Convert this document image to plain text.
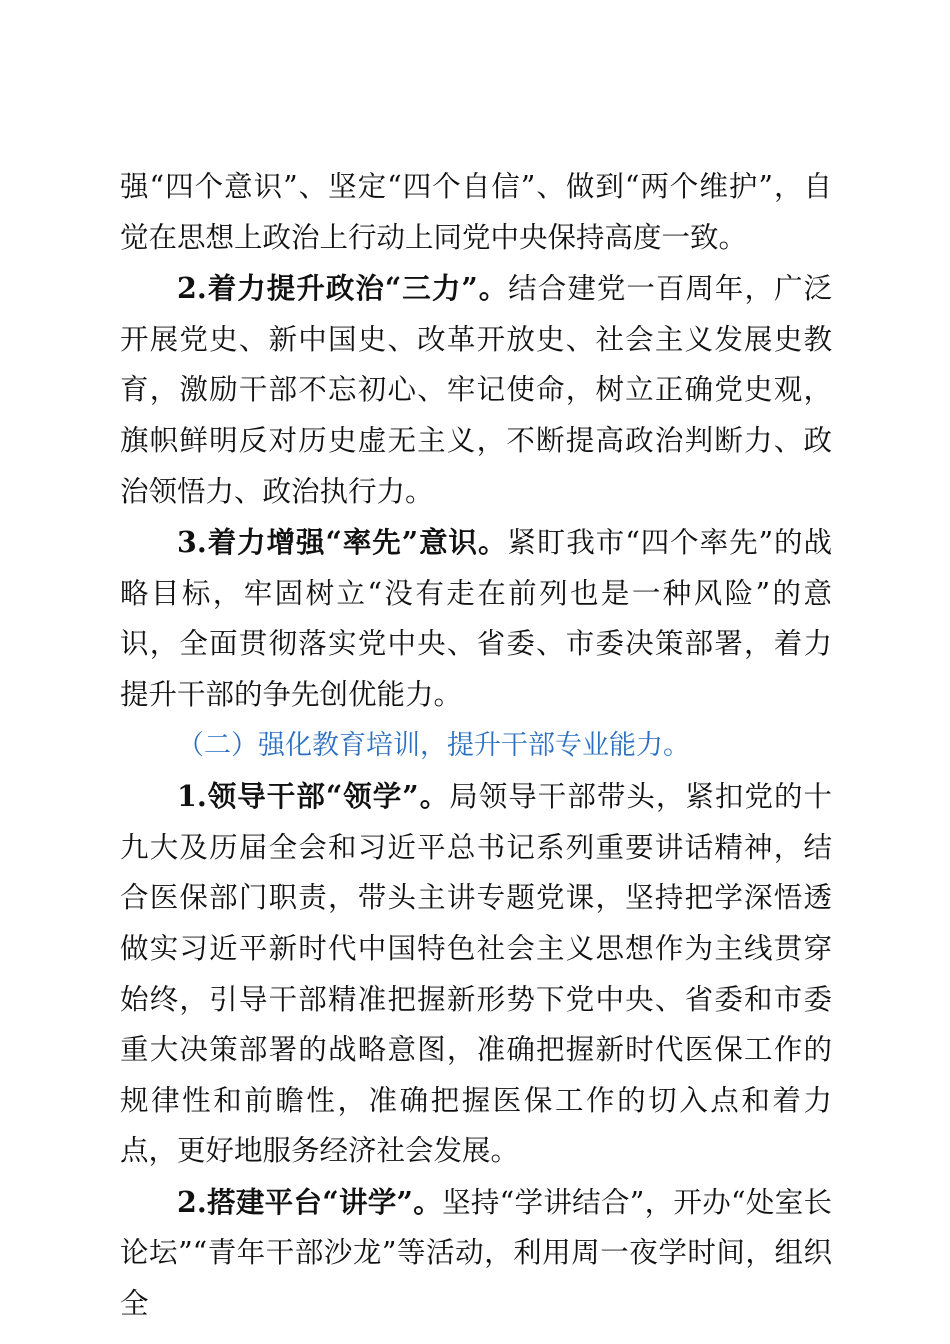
强“四个意识”、坚定“四个自信”、做到“两个维护”，自觉在思想上政治上行动上同党中央保持高度一致。

2.着力提升政治“三力”。结合建党一百周年，广泛开展党史、新中国史、改革开放史、社会主义发展史教育，激励干部不忘初心、牢记使命，树立正确党史观，旗帜鲜明反对历史虚无主义，不断提高政治判断力、政治领悟力、政治执行力。

3.着力增强“率先”意识。紧盯我市“四个率先”的战略目标，牢固树立“没有走在前列也是一种风险”的意识，全面贯彻落实党中央、省委、市委决策部署，着力提升干部的争先创优能力。

（二）强化教育培训，提升干部专业能力。

1.领导干部“领学”。局领导干部带头，紧扣党的十九大及历届全会和习近平总书记系列重要讲话精神，结合医保部门职责，带头主讲专题党课，坚持把学深悟透做实习近平新时代中国特色社会主义思想作为主线贯穿始终，引导干部精准把握新形势下党中央、省委和市委重大决策部署的战略意图，准确把握新时代医保工作的规律性和前瞻性，准确把握医保工作的切入点和着力点，更好地服务经济社会发展。

2.搭建平台“讲学”。坚持“学讲结合”，开办“处室长论坛”“青年干部沙龙”等活动，利用周一夜学时间，组织全
